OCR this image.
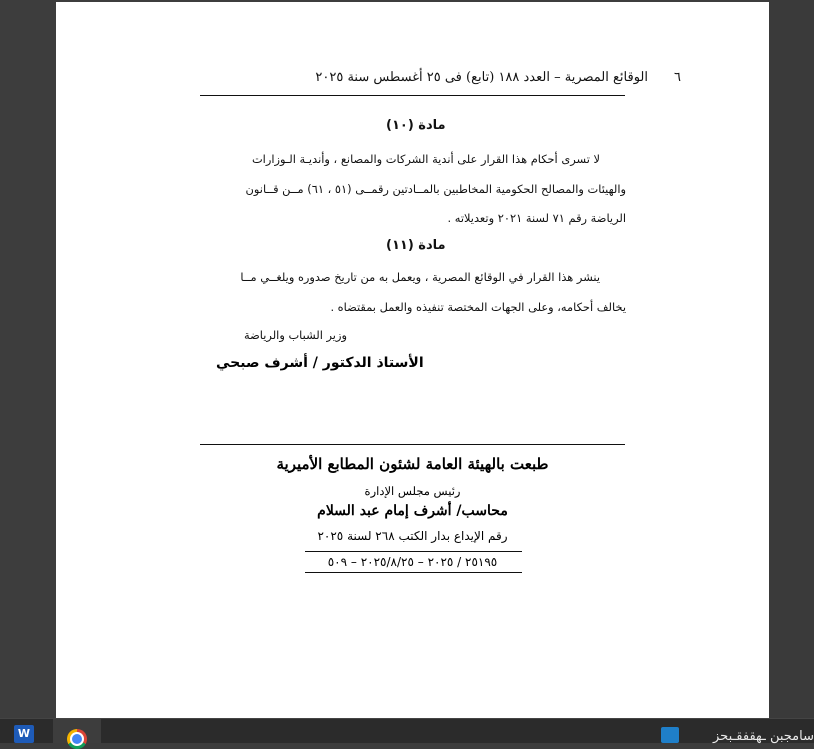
٦
الوقائع المصرية – العدد ١٨٨ (تابع) فى ٢٥ أغسطس سنة ٢٠٢٥
مادة (١٠)
لا تسرى أحكام هذا القرار على أندية الشركات والمصانع ، وأنديـة الـوزارات
والهيئات والمصالح الحكومية المخاطبين بالمــادتين رقمــى (٥١ ، ٦١) مــن قــانون
الرياضة رقم ٧١ لسنة ٢٠٢١ وتعديلاته .
مادة (١١)
ينشر هذا القرار في الوقائع المصرية ، ويعمل به من تاريخ صدوره ويلغــي مــا
يخالف أحكامه، وعلى الجهات المختصة تنفيذه والعمل بمقتضاه .
وزير الشباب والرياضة
الأستاذ الدكتور / أشرف صبحي
طبعت بالهيئة العامة لشئون المطابع الأميرية
رئيس مجلس الإدارة
محاسب/ أشرف إمام عبد السلام
رقم الإيداع بدار الكتب ٢٦٨ لسنة ٢٠٢٥
٢٥١٩٥ / ٢٠٢٥ – ٢٠٢٥/٨/٢٥ – ٥٠٩
W	سامجبن ـهقفقـبحز
